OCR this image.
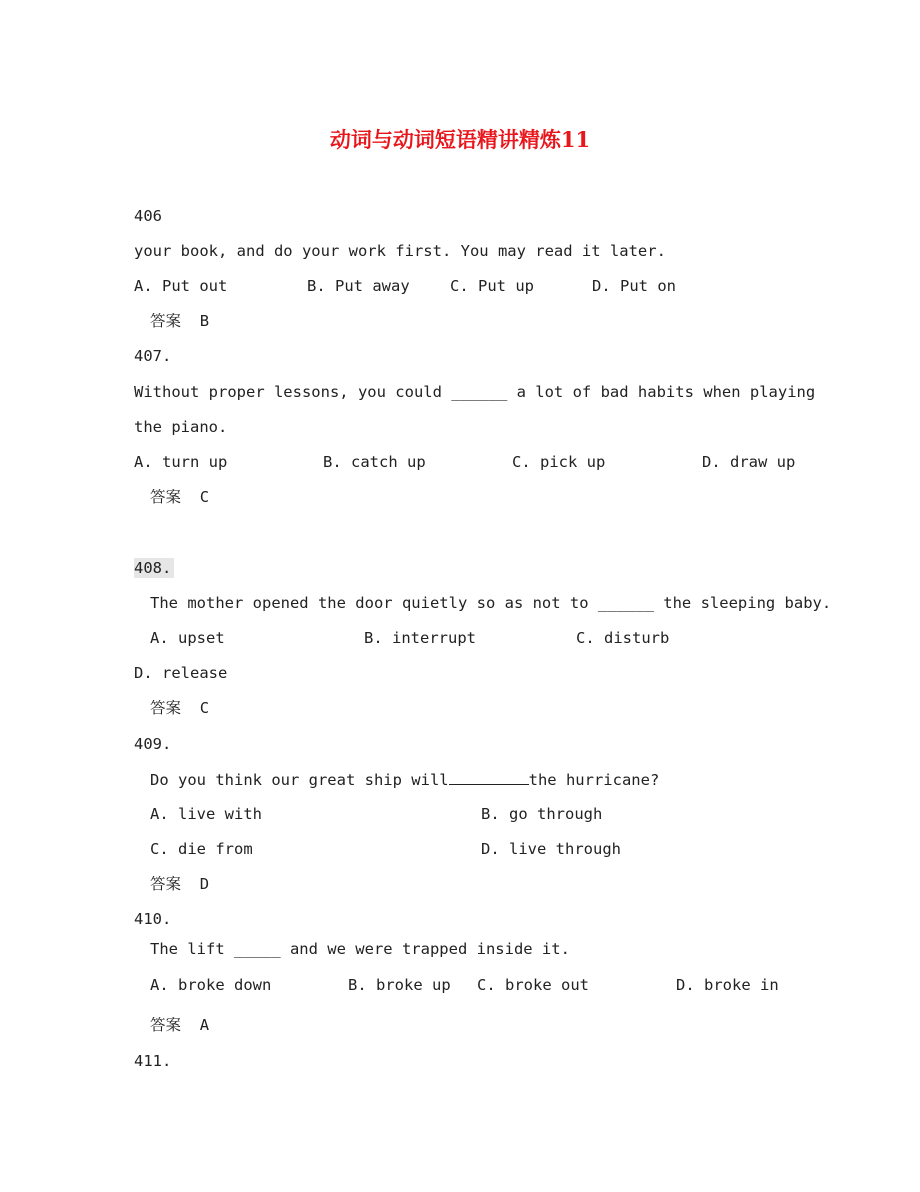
动词与动词短语精讲精炼11
406
your book, and do your work first. You may read it later.
A. Put out	B. Put away	C. Put up	D. Put on
答案 B
407.
Without proper lessons, you could ______ a lot of bad habits when playing
the piano.
A. turn up	B. catch up	C. pick up	D. draw up
答案 C
408.
The mother opened the door quietly so as not to ______ the sleeping baby.
A. upset	B. interrupt	C. disturb
D. release
答案 C
409.
Do you think our great ship will	the hurricane?
A. live with	B. go through
C. die from	D. live through
答案 D
410.
The lift _____ and we were trapped inside it.
A. broke down	B. broke up C. broke out	D. broke in
答案 A
411.
